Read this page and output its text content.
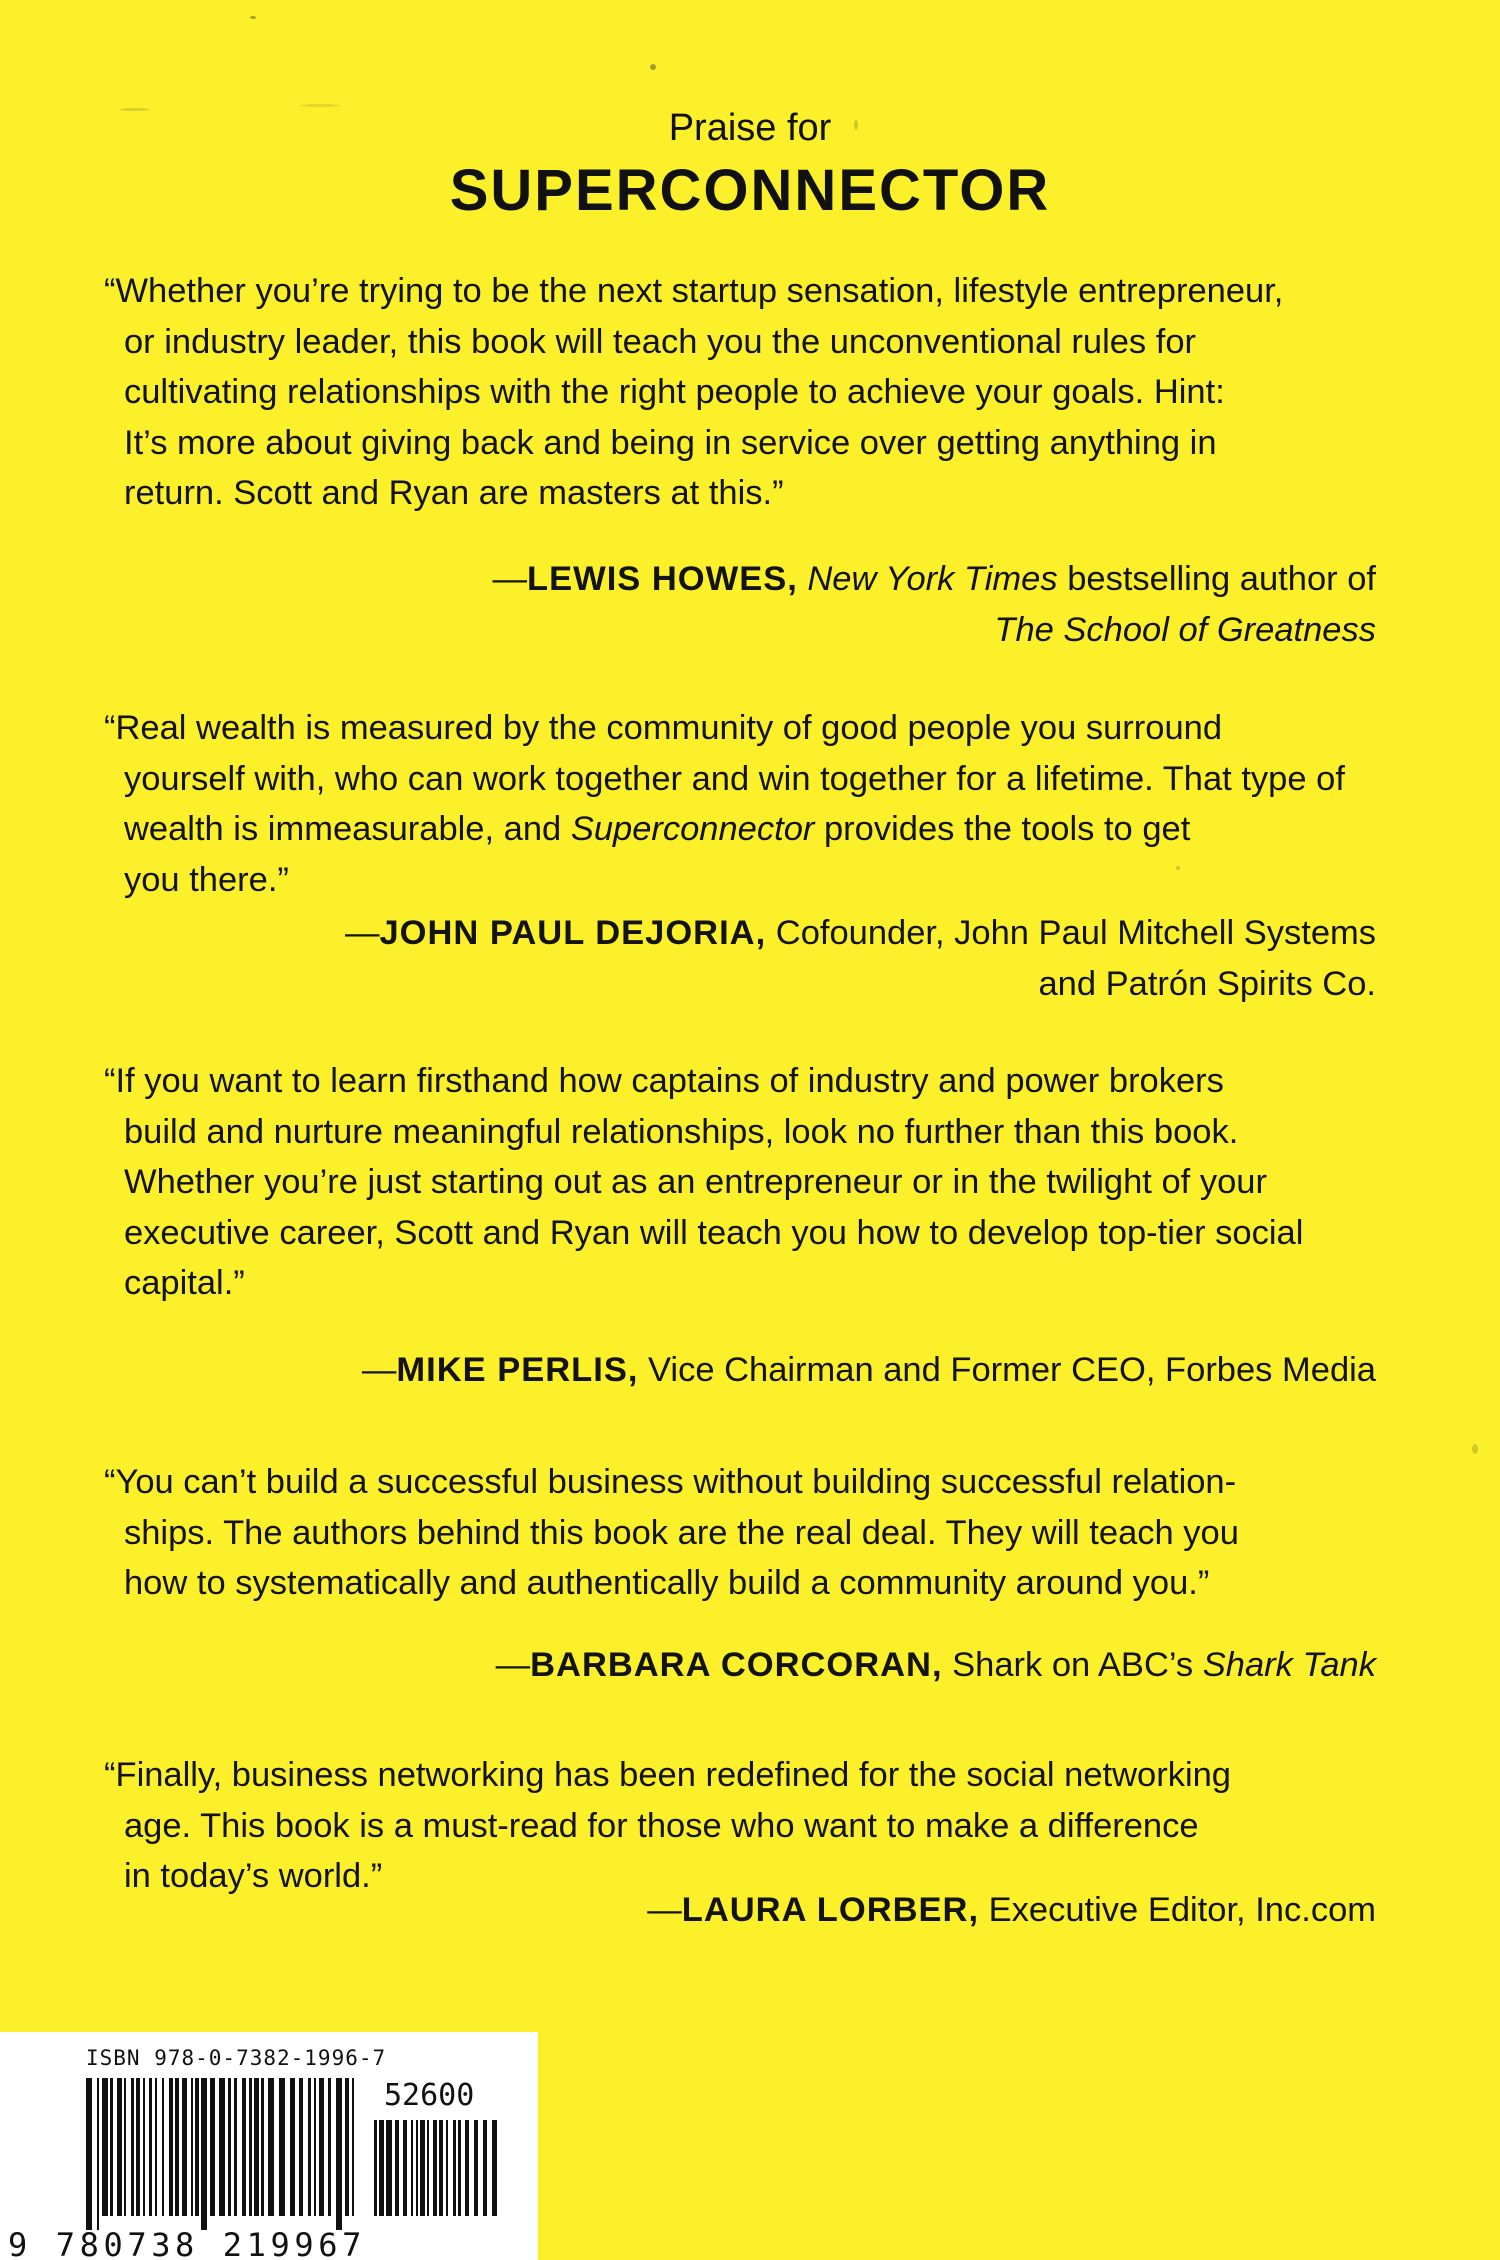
Praise for
SUPERCONNECTOR

“Whether you’re trying to be the next startup sensation, lifestyle entrepreneur,
or industry leader, this book will teach you the unconventional rules for
cultivating relationships with the right people to achieve your goals. Hint:
It’s more about giving back and being in service over getting anything in
return. Scott and Ryan are masters at this.”

—LEWIS HOWES, New York Times bestselling author of
The School of Greatness

“Real wealth is measured by the community of good people you surround
yourself with, who can work together and win together for a lifetime. That type of
wealth is immeasurable, and Superconnector provides the tools to get
you there.”

—JOHN PAUL DEJORIA, Cofounder, John Paul Mitchell Systems
and Patrón Spirits Co.

“If you want to learn firsthand how captains of industry and power brokers
build and nurture meaningful relationships, look no further than this book.
Whether you’re just starting out as an entrepreneur or in the twilight of your
executive career, Scott and Ryan will teach you how to develop top-tier social
capital.”

—MIKE PERLIS, Vice Chairman and Former CEO, Forbes Media

“You can’t build a successful business without building successful relation-
ships. The authors behind this book are the real deal. They will teach you
how to systematically and authentically build a community around you.”

—BARBARA CORCORAN, Shark on ABC’s Shark Tank

“Finally, business networking has been redefined for the social networking
age. This book is a must-read for those who want to make a difference
in today’s world.”

—LAURA LORBER, Executive Editor, Inc.com
ISBN 978-0-7382-1996-7
52600
9 780738 219967
